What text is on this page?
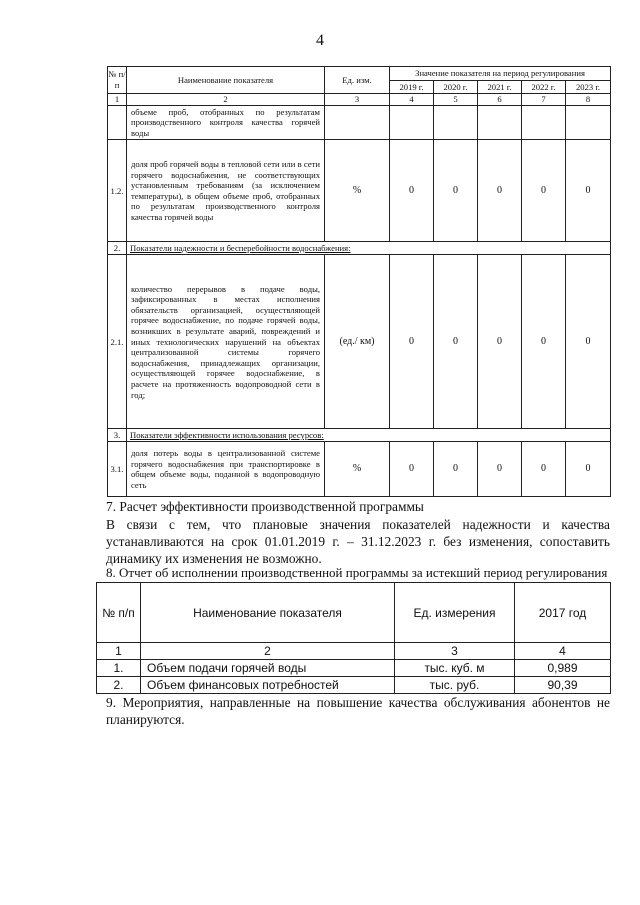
4
№ п/п	Наименование показателя	Ед. изм.	Значение показателя на период регулирования				
			2019 г.	2020 г.	2021 г.	2022 г.	2023 г.
1	2	3	4	5	6	7	8
	объеме проб, отобранных по результатам производственного контроля качества горячей воды						
1.2.	доля проб горячей воды в тепловой сети или в сети горячего водоснабжения, не соответствующих установленным требованиям (за исключением температуры), в общем объеме проб, отобранных по результатам производственного контроля качества горячей воды	%	0	0	0	0	0
2.	Показатели надежности и бесперебойности водоснабжения:						
2.1.	количество перерывов в подаче воды, зафиксированных в местах исполнения обязательств организацией, осуществляющей горячее водоснабжение, по подаче горячей воды, возникших в результате аварий, повреждений и иных технологических нарушений на объектах централизованной системы горячего водоснабжения, принадлежащих организации, осуществляющей горячее водоснабжение, в расчете на протяженность водопроводной сети в год;	(ед./ км)	0	0	0	0	0
3.	Показатели эффективности использования ресурсов:						
3.1.	доля потерь воды в централизованной системе горячего водоснабжения при транспортировке в общем объеме воды, поданной в водопроводную сеть	%	0	0	0	0	0
7. Расчет эффективности производственной программы
В связи с тем, что плановые значения показателей надежности и качества устанавливаются на срок 01.01.2019 г. – 31.12.2023 г. без изменения, сопоставить динамику их изменения не возможно.
8. Отчет об исполнении производственной программы за истекший период регулирования
№ п/п	Наименование показателя	Ед. измерения	2017 год
1	2	3	4
1.	Объем подачи горячей воды	тыс. куб. м	0,989
2.	Объем финансовых потребностей	тыс. руб.	90,39
9. Мероприятия, направленные на повышение качества обслуживания абонентов не планируются.
